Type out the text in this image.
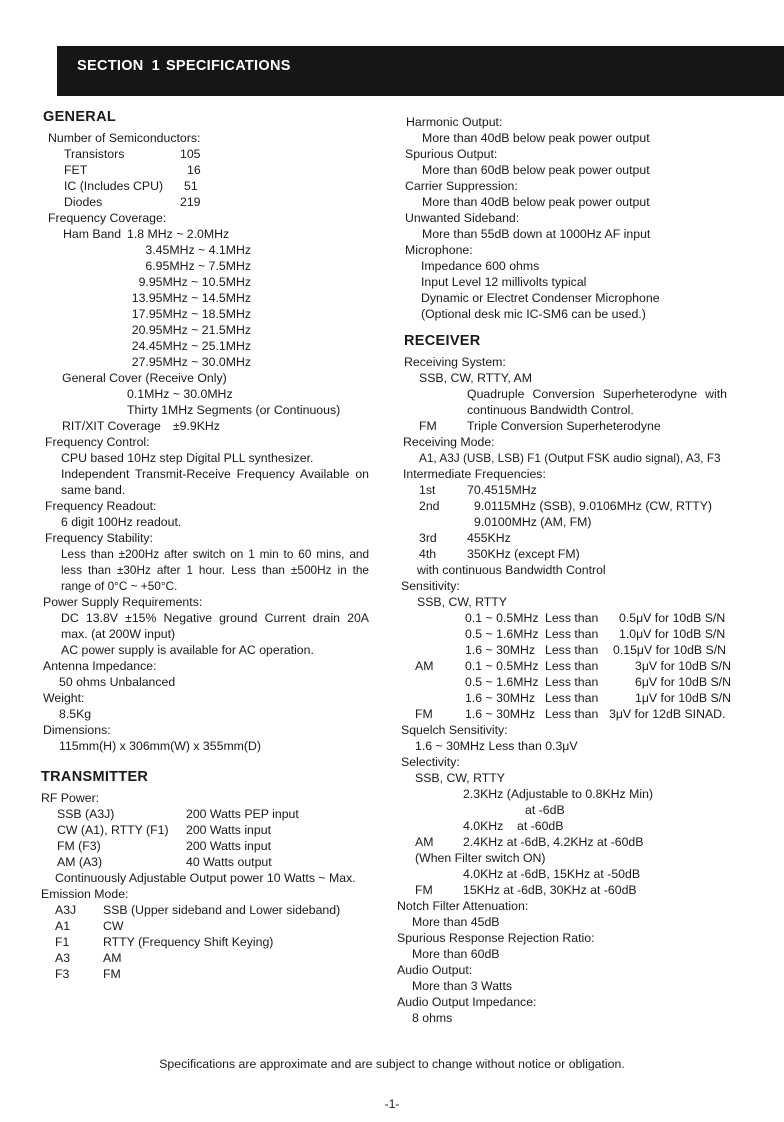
SECTION 1 SPECIFICATIONS
GENERAL
Number of Semiconductors:
Transistors	105
FET	16
IC (Includes CPU) 51
Diodes	219
Frequency Coverage:
Ham Band 1.8 MHz ~ 2.0MHz
3.45MHz ~ 4.1MHz
6.95MHz ~ 7.5MHz
9.95MHz ~ 10.5MHz
13.95MHz ~ 14.5MHz
17.95MHz ~ 18.5MHz
20.95MHz ~ 21.5MHz
24.45MHz ~ 25.1MHz
27.95MHz ~ 30.0MHz
General Cover (Receive Only)
0.1MHz ~ 30.0MHz
Thirty 1MHz Segments (or Continuous)
RIT/XIT Coverage ±9.9KHz
Frequency Control:
CPU based 10Hz step Digital PLL synthesizer.
Independent Transmit-Receive Frequency Available on same band.
Frequency Readout:
6 digit 100Hz readout.
Frequency Stability:
Less than ±200Hz after switch on 1 min to 60 mins, and less than ±30Hz after 1 hour. Less than ±500Hz in the range of 0°C ~ +50°C.
Power Supply Requirements:
DC 13.8V ±15% Negative ground Current drain 20A max. (at 200W input)
AC power supply is available for AC operation.
Antenna Impedance:
50 ohms Unbalanced
Weight:
8.5Kg
Dimensions:
115mm(H) x 306mm(W) x 355mm(D)
TRANSMITTER
RF Power:
SSB (A3J)	200 Watts PEP input
CW (A1), RTTY (F1) 200 Watts input
FM (F3)	200 Watts input
AM (A3)	40 Watts output
Continuously Adjustable Output power 10 Watts ~ Max.
Emission Mode:
A3J SSB (Upper sideband and Lower sideband)
A1	CW
F1	RTTY (Frequency Shift Keying)
A3	AM
F3	FM
Harmonic Output:
More than 40dB below peak power output
Spurious Output:
More than 60dB below peak power output
Carrier Suppression:
More than 40dB below peak power output
Unwanted Sideband:
More than 55dB down at 1000Hz AF input
Microphone:
Impedance 600 ohms
Input Level 12 millivolts typical
Dynamic or Electret Condenser Microphone
(Optional desk mic IC-SM6 can be used.)
RECEIVER
Receiving System:
SSB, CW, RTTY, AM
Quadruple Conversion Superheterodyne with continuous Bandwidth Control.
FM Triple Conversion Superheterodyne
Receiving Mode:
A1, A3J (USB, LSB) F1 (Output FSK audio signal), A3, F3
Intermediate Frequencies:
1st	70.4515MHz
2nd	9.0115MHz (SSB), 9.0106MHz (CW, RTTY)
9.0100MHz (AM, FM)
3rd 455KHz
4th	350KHz (except FM)
with continuous Bandwidth Control
Sensitivity:
SSB, CW, RTTY
0.1 ~ 0.5MHz Less than 0.5μV for 10dB S/N
0.5 ~ 1.6MHz Less than 1.0μV for 10dB S/N
1.6 ~ 30MHz Less than 0.15μV for 10dB S/N
AM	0.1 ~ 0.5MHz Less than	3μV for 10dB S/N
0.5 ~ 1.6MHz Less than	6μV for 10dB S/N
1.6 ~ 30MHz Less than	1μV for 10dB S/N
FM	1.6 ~ 30MHz Less than 3μV for 12dB SINAD.
Squelch Sensitivity:
1.6 ~ 30MHz Less than 0.3μV
Selectivity:
SSB, CW, RTTY
2.3KHz (Adjustable to 0.8KHz Min)
at -6dB
4.0KHz    at -60dB
AM 2.4KHz at -6dB, 4.2KHz at -60dB
(When Filter switch ON)
4.0KHz at -6dB, 15KHz at -50dB
FM 15KHz at -6dB, 30KHz at -60dB
Notch Filter Attenuation:
More than 45dB
Spurious Response Rejection Ratio:
More than 60dB
Audio Output:
More than 3 Watts
Audio Output Impedance:
8 ohms
Specifications are approximate and are subject to change without notice or obligation.
-1-
